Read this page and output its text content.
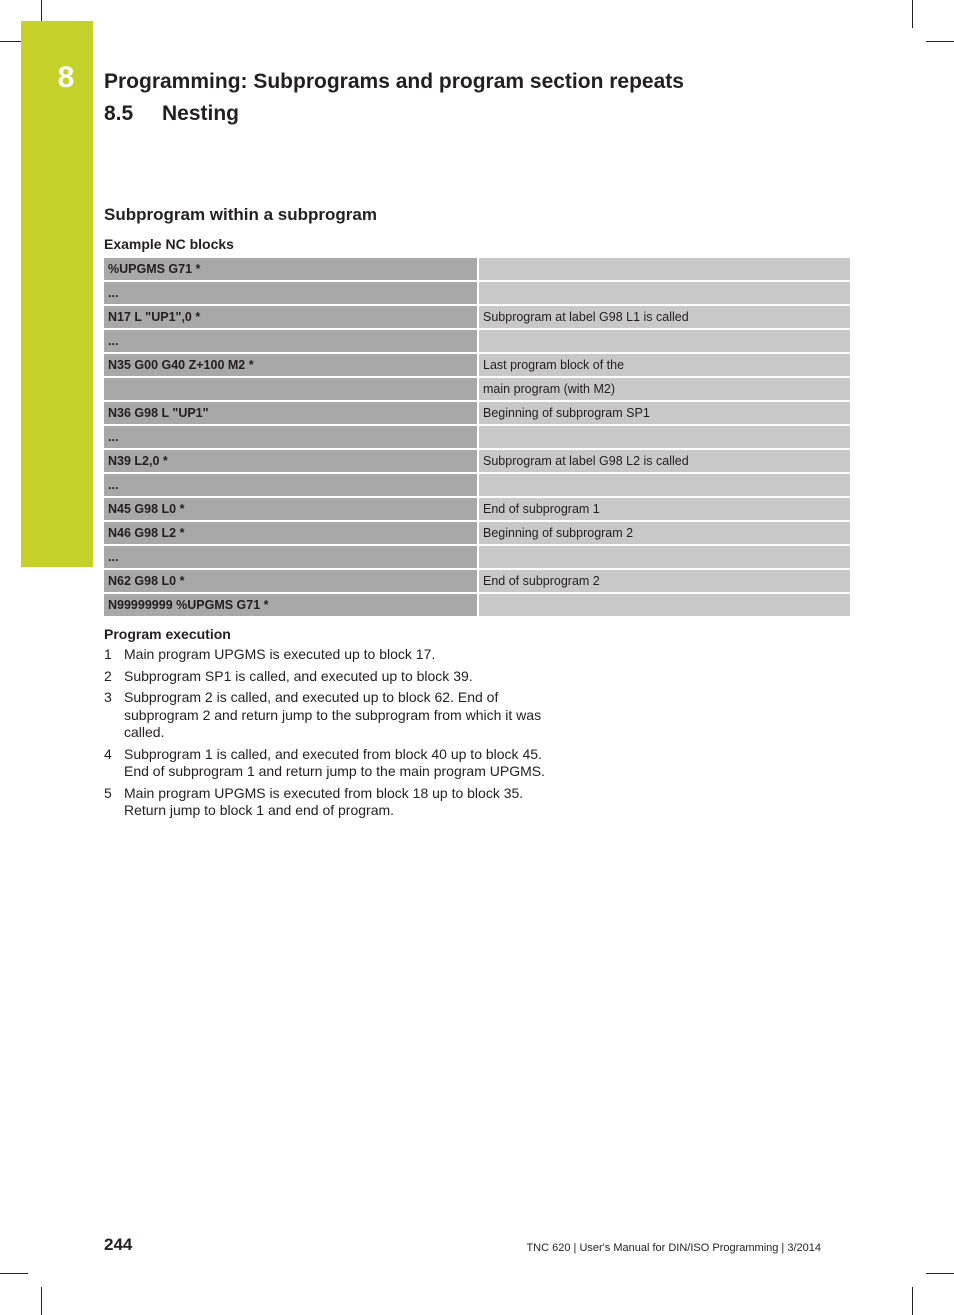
8	Programming: Subprograms and program section repeats
8.5 Nesting
Subprogram within a subprogram
Example NC blocks
%UPGMS G71 *	
...	
N17 L "UP1",0 *	Subprogram at label G98 L1 is called
...	
N35 G00 G40 Z+100 M2 *	Last program block of the
	main program (with M2)
N36 G98 L "UP1"	Beginning of subprogram SP1
...	
N39 L2,0 *	Subprogram at label G98 L2 is called
...	
N45 G98 L0 *	End of subprogram 1
N46 G98 L2 *	Beginning of subprogram 2
...	
N62 G98 L0 *	End of subprogram 2
N99999999 %UPGMS G71 *	
Program execution
1 Main program UPGMS is executed up to block 17.
2 Subprogram SP1 is called, and executed up to block 39.
3 Subprogram 2 is called, and executed up to block 62. End of subprogram 2 and return jump to the subprogram from which it was called.
4 Subprogram 1 is called, and executed from block 40 up to block 45. End of subprogram 1 and return jump to the main program UPGMS.
5 Main program UPGMS is executed from block 18 up to block 35. Return jump to block 1 and end of program.
244	TNC 620 | User's Manual for DIN/ISO Programming | 3/2014
